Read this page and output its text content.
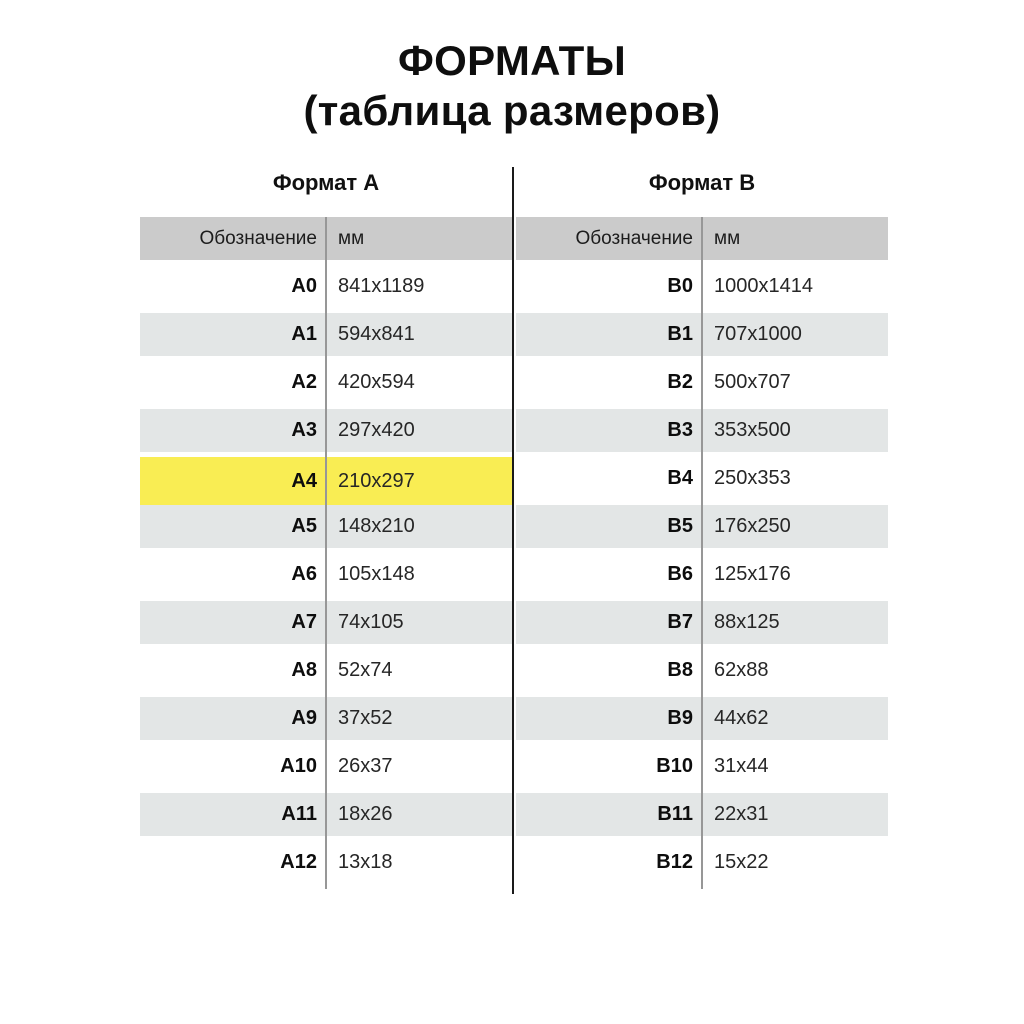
ФОРМАТЫ
(таблица размеров)
Формат А	Формат B
Обозначение	мм
A0	841x1189
A1	594x841
A2	420x594
A3	297x420
A4	210x297
A5	148x210
A6	105x148
A7	74x105
A8	52x74
A9	37x52
A10	26x37
A11	18x26
A12	13x18
Обозначение	мм
B0	1000x1414
B1	707x1000
B2	500x707
B3	353x500
B4	250x353
B5	176x250
B6	125x176
B7	88x125
B8	62x88
B9	44x62
B10	31x44
B11	22x31
B12	15x22
